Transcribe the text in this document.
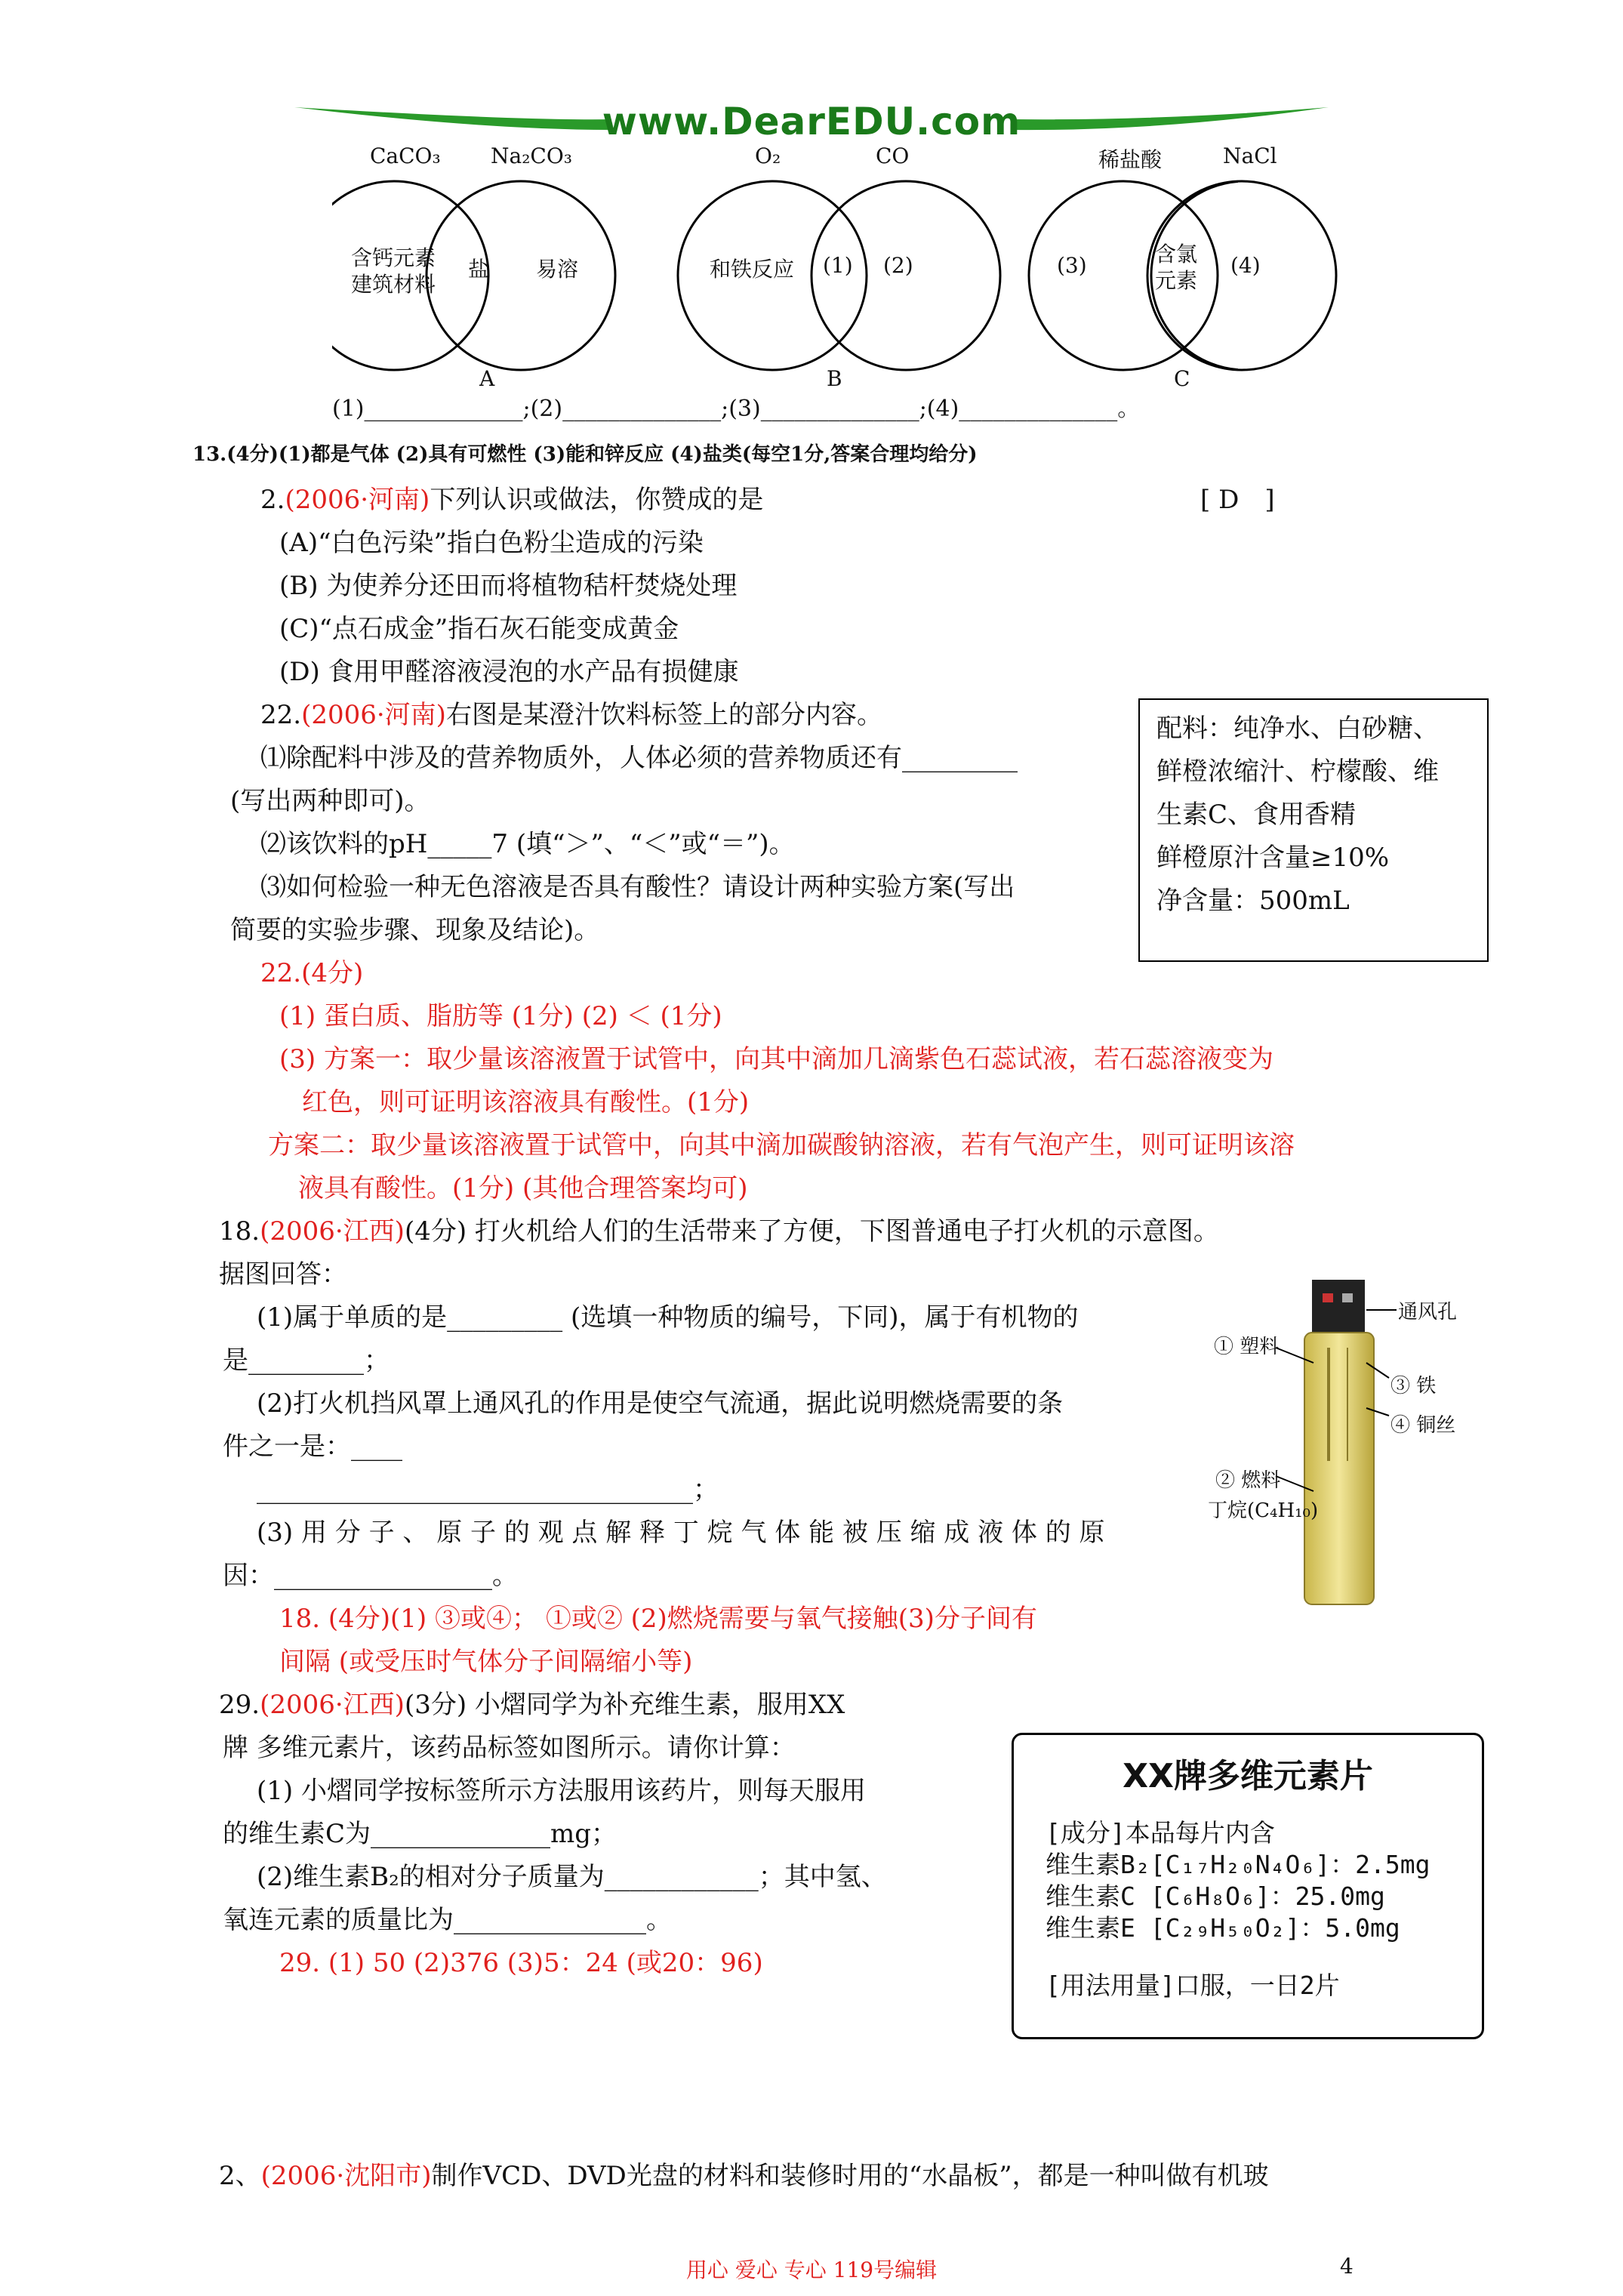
www.DearEDU.com
CaCO₃ Na₂CO₃
含钙元素
建筑材料
盐 易溶
A
O₂	CO
和铁反应 (1) (2)
B
稀盐酸	NaCl
(3)	含氯
元素
(4)
C
(1)______________;(2)______________;(3)______________;(4)______________。
13.(4分)(1)都是气体 (2)具有可燃性 (3)能和锌反应 (4)盐类(每空1分,答案合理均给分)
2.(2006·河南)下列认识或做法，你赞成的是	[ D　]
(A)“白色污染”指白色粉尘造成的污染
(B) 为使养分还田而将植物秸杆焚烧处理
(C)“点石成金”指石灰石能变成黄金
(D) 食用甲醛溶液浸泡的水产品有损健康
22.(2006·河南)右图是某澄汁饮料标签上的部分内容。
⑴除配料中涉及的营养物质外，人体必须的营养物质还有_________
(写出两种即可)。
⑵该饮料的pH_____7 (填“＞”、“＜”或“＝”)。
⑶如何检验一种无色溶液是否具有酸性？请设计两种实验方案(写出
简要的实验步骤、现象及结论)。
配料：纯净水、白砂糖、
鲜橙浓缩汁、柠檬酸、维
生素C、食用香精
鲜橙原汁含量≥10%
净含量：500mL
22.(4分)
(1) 蛋白质、脂肪等 (1分) (2) ＜ (1分)
(3) 方案一：取少量该溶液置于试管中，向其中滴加几滴紫色石蕊试液，若石蕊溶液变为
红色，则可证明该溶液具有酸性。(1分)
方案二：取少量该溶液置于试管中，向其中滴加碳酸钠溶液，若有气泡产生，则可证明该溶
液具有酸性。(1分) (其他合理答案均可)
18.(2006·江西)(4分) 打火机给人们的生活带来了方便，下图普通电子打火机的示意图。
据图回答：
(1)属于单质的是_________ (选填一种物质的编号，下同)，属于有机物的
是_________；
(2)打火机挡风罩上通风孔的作用是使空气流通，据此说明燃烧需要的条
件之一是：____
__________________________________；
(3) 用 分 子 、 原 子 的 观 点 解 释 丁 烷 气 体 能 被 压 缩 成 液 体 的 原
因：_________________。
18. (4分)(1) ③或④； ①或② (2)燃烧需要与氧气接触(3)分子间有
间隔 (或受压时气体分子间隔缩小等)
通风孔
① 塑料
③ 铁
④ 铜丝
② 燃料
丁烷(C₄H₁₀)
29.(2006·江西)(3分) 小熠同学为补充维生素，服用XX
牌 多维元素片，该药品标签如图所示。请你计算：
(1) 小熠同学按标签所示方法服用该药片，则每天服用
的维生素C为______________mg；
(2)维生素B₂的相对分子质量为____________；其中氢、
氧连元素的质量比为_______________。
29. (1) 50 (2)376 (3)5：24 (或20：96)
XX牌多维元素片
[成分]本品每片内含
维生素B₂[C₁₇H₂₀N₄O₆]：2.5mg
维生素C [C₆H₈O₆]：25.0mg
维生素E [C₂₉H₅₀O₂]：5.0mg
[用法用量]口服，一日2片
2、(2006·沈阳市)制作VCD、DVD光盘的材料和装修时用的“水晶板”，都是一种叫做有机玻
用心 爱心 专心 119号编辑	4
